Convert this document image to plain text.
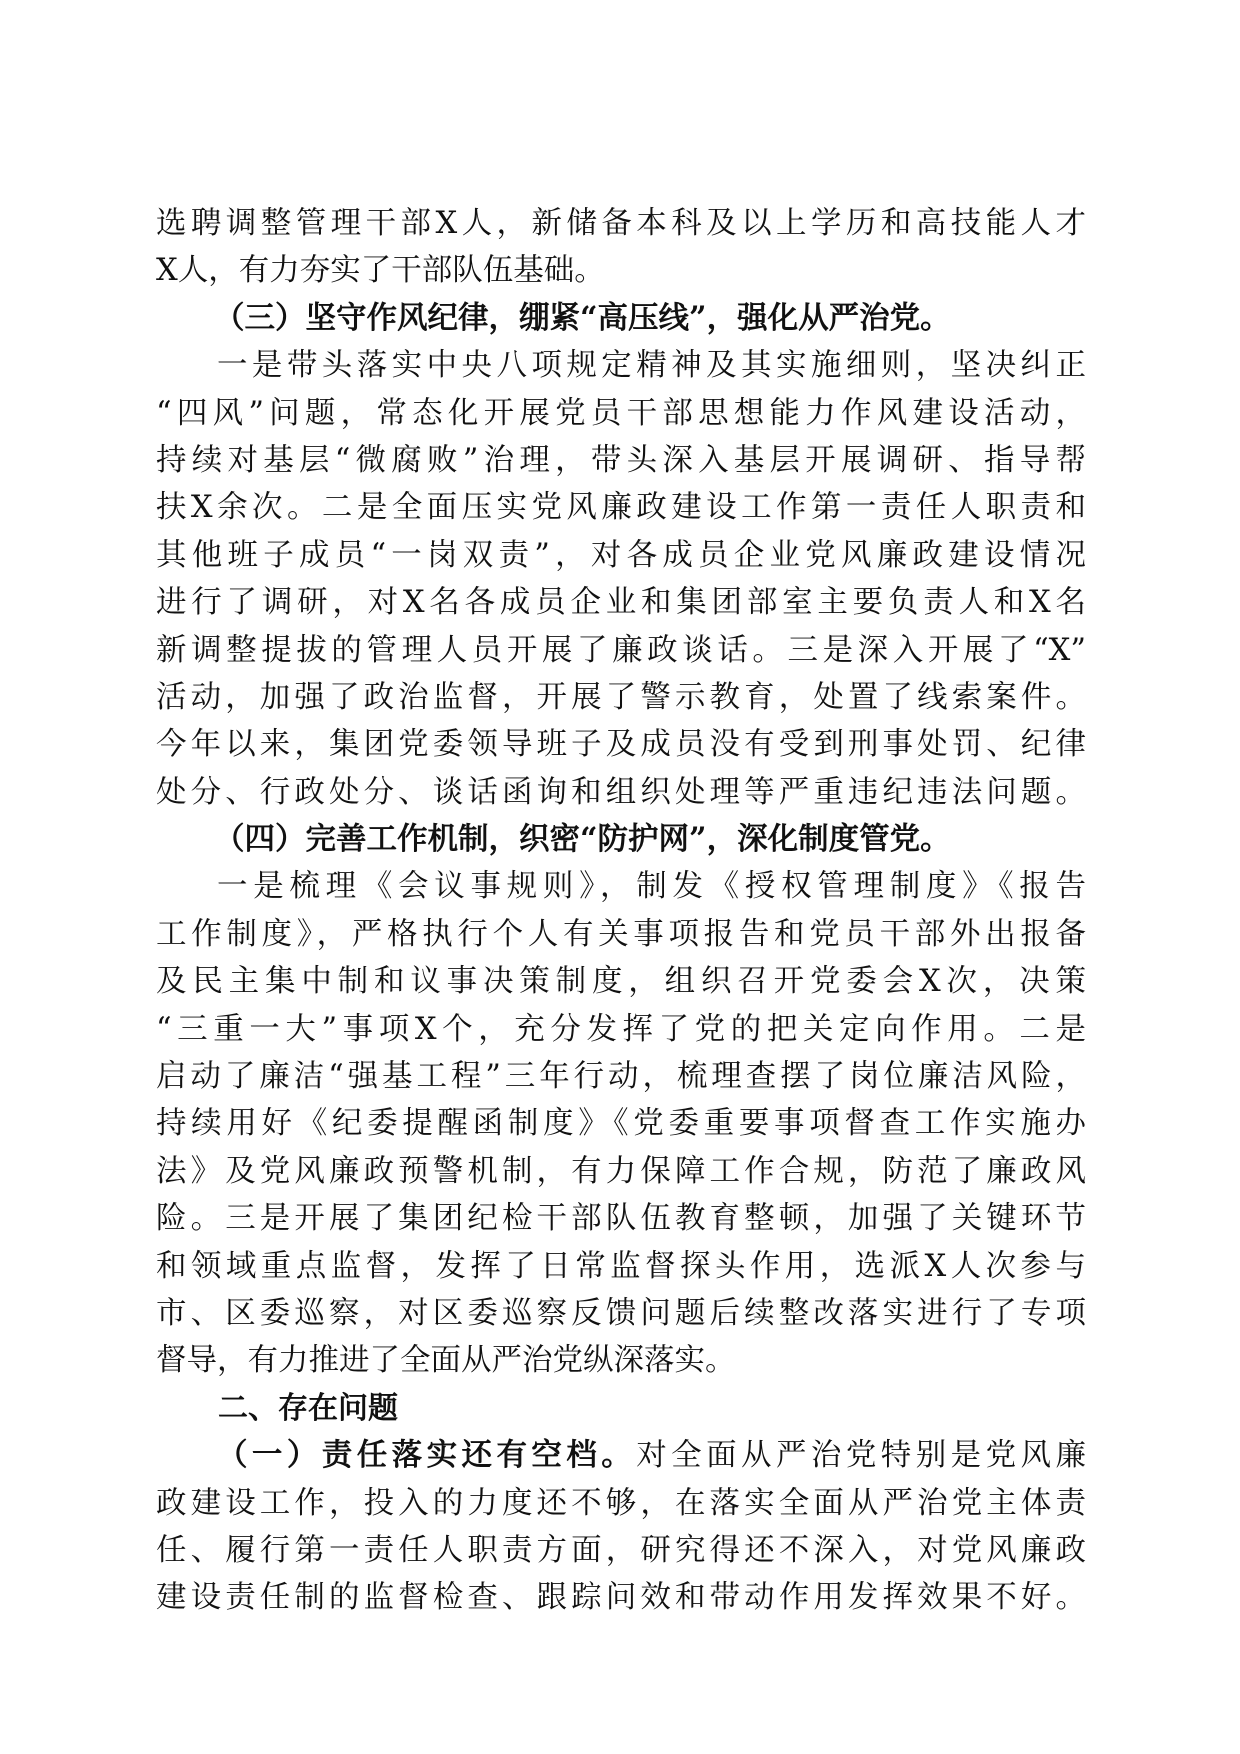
选聘调整管理干部X人，新储备本科及以上学历和高技能人才
X人，有力夯实了干部队伍基础。
（三）坚守作风纪律，绷紧“高压线”，强化从严治党。
一是带头落实中央八项规定精神及其实施细则，坚决纠正
“四风”问题，常态化开展党员干部思想能力作风建设活动，
持续对基层“微腐败”治理，带头深入基层开展调研、指导帮
扶X余次。二是全面压实党风廉政建设工作第一责任人职责和
其他班子成员“一岗双责”，对各成员企业党风廉政建设情况
进行了调研，对X名各成员企业和集团部室主要负责人和X名
新调整提拔的管理人员开展了廉政谈话。三是深入开展了“X”
活动，加强了政治监督，开展了警示教育，处置了线索案件。
今年以来，集团党委领导班子及成员没有受到刑事处罚、纪律
处分、行政处分、谈话函询和组织处理等严重违纪违法问题。
（四）完善工作机制，织密“防护网”，深化制度管党。
一是梳理《会议事规则》，制发《授权管理制度》《报告
工作制度》，严格执行个人有关事项报告和党员干部外出报备
及民主集中制和议事决策制度，组织召开党委会X次，决策
“三重一大”事项X个，充分发挥了党的把关定向作用。二是
启动了廉洁“强基工程”三年行动，梳理查摆了岗位廉洁风险，
持续用好《纪委提醒函制度》《党委重要事项督查工作实施办
法》及党风廉政预警机制，有力保障工作合规，防范了廉政风
险。三是开展了集团纪检干部队伍教育整顿，加强了关键环节
和领域重点监督，发挥了日常监督探头作用，选派X人次参与
市、区委巡察，对区委巡察反馈问题后续整改落实进行了专项
督导，有力推进了全面从严治党纵深落实。
二、存在问题
（一）责任落实还有空档。对全面从严治党特别是党风廉
政建设工作，投入的力度还不够，在落实全面从严治党主体责
任、履行第一责任人职责方面，研究得还不深入，对党风廉政
建设责任制的监督检查、跟踪问效和带动作用发挥效果不好。
